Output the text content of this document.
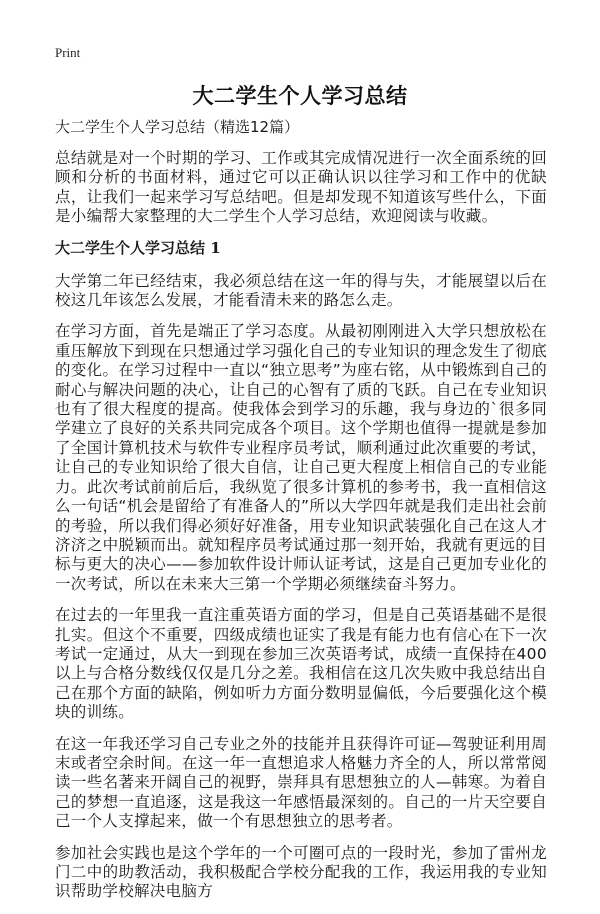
Print
大二学生个人学习总结

大二学生个人学习总结（精选12篇）

总结就是对一个时期的学习、工作或其完成情况进行一次全面系统的回顾和分析的书面材料，通过它可以正确认识以往学习和工作中的优缺点，让我们一起来学习写总结吧。但是却发现不知道该写些什么，下面是小编帮大家整理的大二学生个人学习总结，欢迎阅读与收藏。

大二学生个人学习总结 1

大学第二年已经结束，我必须总结在这一年的得与失，才能展望以后在校这几年该怎么发展，才能看清未来的路怎么走。

在学习方面，首先是端正了学习态度。从最初刚刚进入大学只想放松在重压解放下到现在只想通过学习强化自己的专业知识的理念发生了彻底的变化。在学习过程中一直以“独立思考”为座右铭，从中锻炼到自己的耐心与解决问题的决心，让自己的心智有了质的飞跃。自己在专业知识也有了很大程度的提高。使我体会到学习的乐趣，我与身边的`很多同学建立了良好的关系共同完成各个项目。这个学期也值得一提就是参加了全国计算机技术与软件专业程序员考试，顺利通过此次重要的考试，让自己的专业知识给了很大自信，让自己更大程度上相信自己的专业能力。此次考试前前后后，我纵览了很多计算机的参考书，我一直相信这么一句话“机会是留给了有准备人的”所以大学四年就是我们走出社会前的考验，所以我们得必须好好准备，用专业知识武装强化自己在这人才济济之中脱颖而出。就知程序员考试通过那一刻开始，我就有更远的目标与更大的决心——参加软件设计师认证考试，这是自己更加专业化的一次考试，所以在未来大三第一个学期必须继续奋斗努力。

在过去的一年里我一直注重英语方面的学习，但是自己英语基础不是很扎实。但这个不重要，四级成绩也证实了我是有能力也有信心在下一次考试一定通过，从大一到现在参加三次英语考试，成绩一直保持在400以上与合格分数线仅仅是几分之差。我相信在这几次失败中我总结出自己在那个方面的缺陷，例如听力方面分数明显偏低，今后要强化这个模块的训练。

在这一年我还学习自己专业之外的技能并且获得许可证—驾驶证利用周末或者空余时间。在这一年一直想追求人格魅力齐全的人，所以常常阅读一些名著来开阔自己的视野，崇拜具有思想独立的人—韩寒。为着自己的梦想一直追逐，这是我这一年感悟最深刻的。自己的一片天空要自己一个人支撑起来，做一个有思想独立的思考者。

参加社会实践也是这个学年的一个可圈可点的一段时光，参加了雷州龙门二中的助教活动，我积极配合学校分配我的工作，我运用我的专业知识帮助学校解决电脑方
